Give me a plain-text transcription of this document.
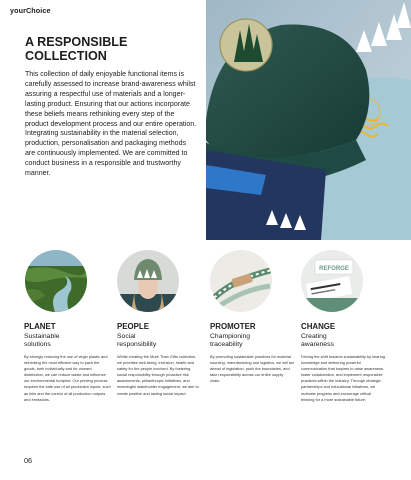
yourChoice
A RESPONSIBLE
COLLECTION

This collection of daily enjoyable functional items is carefully assessed to increase brand-awareness whilst assuring a respectful use of materials and a longer-lasting product. Ensuring that our actions incorporate these beliefs means rethinking every step of the product development process and our entire operation. Integrating sustainability in the material selection, production, personalisation and packaging methods are continuously implemented. We are committed to conduct business in a responsible and trustworthy manner.

REFORGE

PLANET

Sustainable
solutions

By strongly reducing the use of virgin plastic and rethinking the most efficient way to pack the goods, both individually and for onward distribution, we can reduce waste and influence our environmental footprint. Our printing process requires the safe use of all production inputs, such as inks and the control of all production outputs and emissions.

PEOPLE

Social
responsibility

Whilst creating the More Than Gifts collection, we prioritise well-being, inclusion, health and safety for the people involved. By fostering social responsibility through proactive risk assessments, philanthropic initiatives, and meaningful stakeholder engagement, we aim to create positive and lasting social impact.

PROMOTER

Championing
traceability

By promoting sustainable practices for material sourcing, manufacturing and logistics, we will act ahead of legislation, push the boundaries, and take responsibility across our entire supply chain.

CHANGE

Creating
awareness

Driving the shift towards sustainability by sharing knowledge and delivering powerful communication that inspires to raise awareness, foster collaboration, and implement responsible practices within the industry. Through strategic partnerships and educational initiatives, we motivate progress and encourage critical thinking for a more sustainable future.

06
